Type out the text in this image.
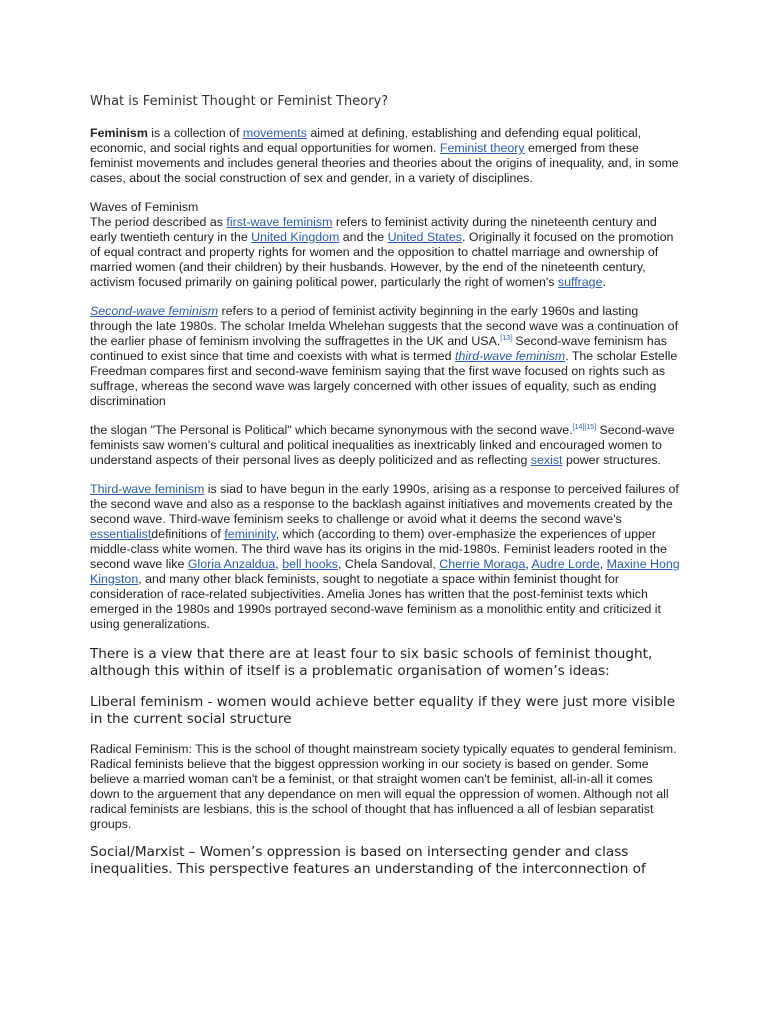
What is Feminist Thought or Feminist Theory?

Feminism is a collection of movements aimed at defining, establishing and defending equal political, economic, and social rights and equal opportunities for women. Feminist theory emerged from these feminist movements and includes general theories and theories about the origins of inequality, and, in some cases, about the social construction of sex and gender, in a variety of disciplines.

Waves of Feminism

The period described as first-wave feminism refers to feminist activity during the nineteenth century and early twentieth century in the United Kingdom and the United States. Originally it focused on the promotion of equal contract and property rights for women and the opposition to chattel marriage and ownership of married women (and their children) by their husbands. However, by the end of the nineteenth century, activism focused primarily on gaining political power, particularly the right of women's suffrage.

Second-wave feminism refers to a period of feminist activity beginning in the early 1960s and lasting through the late 1980s. The scholar Imelda Whelehan suggests that the second wave was a continuation of the earlier phase of feminism involving the suffragettes in the UK and USA.[13] Second-wave feminism has continued to exist since that time and coexists with what is termed third-wave feminism. The scholar Estelle Freedman compares first and second-wave feminism saying that the first wave focused on rights such as suffrage, whereas the second wave was largely concerned with other issues of equality, such as ending discrimination

the slogan "The Personal is Political" which became synonymous with the second wave.[14][15] Second-wave feminists saw women's cultural and political inequalities as inextricably linked and encouraged women to understand aspects of their personal lives as deeply politicized and as reflecting sexist power structures.

Third-wave feminism is siad to have begun in the early 1990s, arising as a response to perceived failures of the second wave and also as a response to the backlash against initiatives and movements created by the second wave. Third-wave feminism seeks to challenge or avoid what it deems the second wave's essentialistdefinitions of femininity, which (according to them) over-emphasize the experiences of upper middle-class white women. The third wave has its origins in the mid-1980s. Feminist leaders rooted in the second wave like Gloria Anzaldua, bell hooks, Chela Sandoval, Cherrie Moraga, Audre Lorde, Maxine Hong Kingston, and many other black feminists, sought to negotiate a space within feminist thought for consideration of race-related subjectivities. Amelia Jones has written that the post-feminist texts which emerged in the 1980s and 1990s portrayed second-wave feminism as a monolithic entity and criticized it using generalizations.

There is a view that there are at least four to six basic schools of feminist thought, although this within of itself is a problematic organisation of women’s ideas:

Liberal feminism - women would achieve better equality if they were just more visible in the current social structure

Radical Feminism: This is the school of thought mainstream society typically equates to genderal feminism. Radical feminists believe that the biggest oppression working in our society is based on gender. Some believe a married woman can't be a feminist, or that straight women can't be feminist, all-in-all it comes down to the arguement that any dependance on men will equal the oppression of women. Although not all radical feminists are lesbians, this is the school of thought that has influenced a all of lesbian separatist groups.

Social/Marxist – Women’s oppression is based on intersecting gender and class inequalities. This perspective features an understanding of the interconnection of
